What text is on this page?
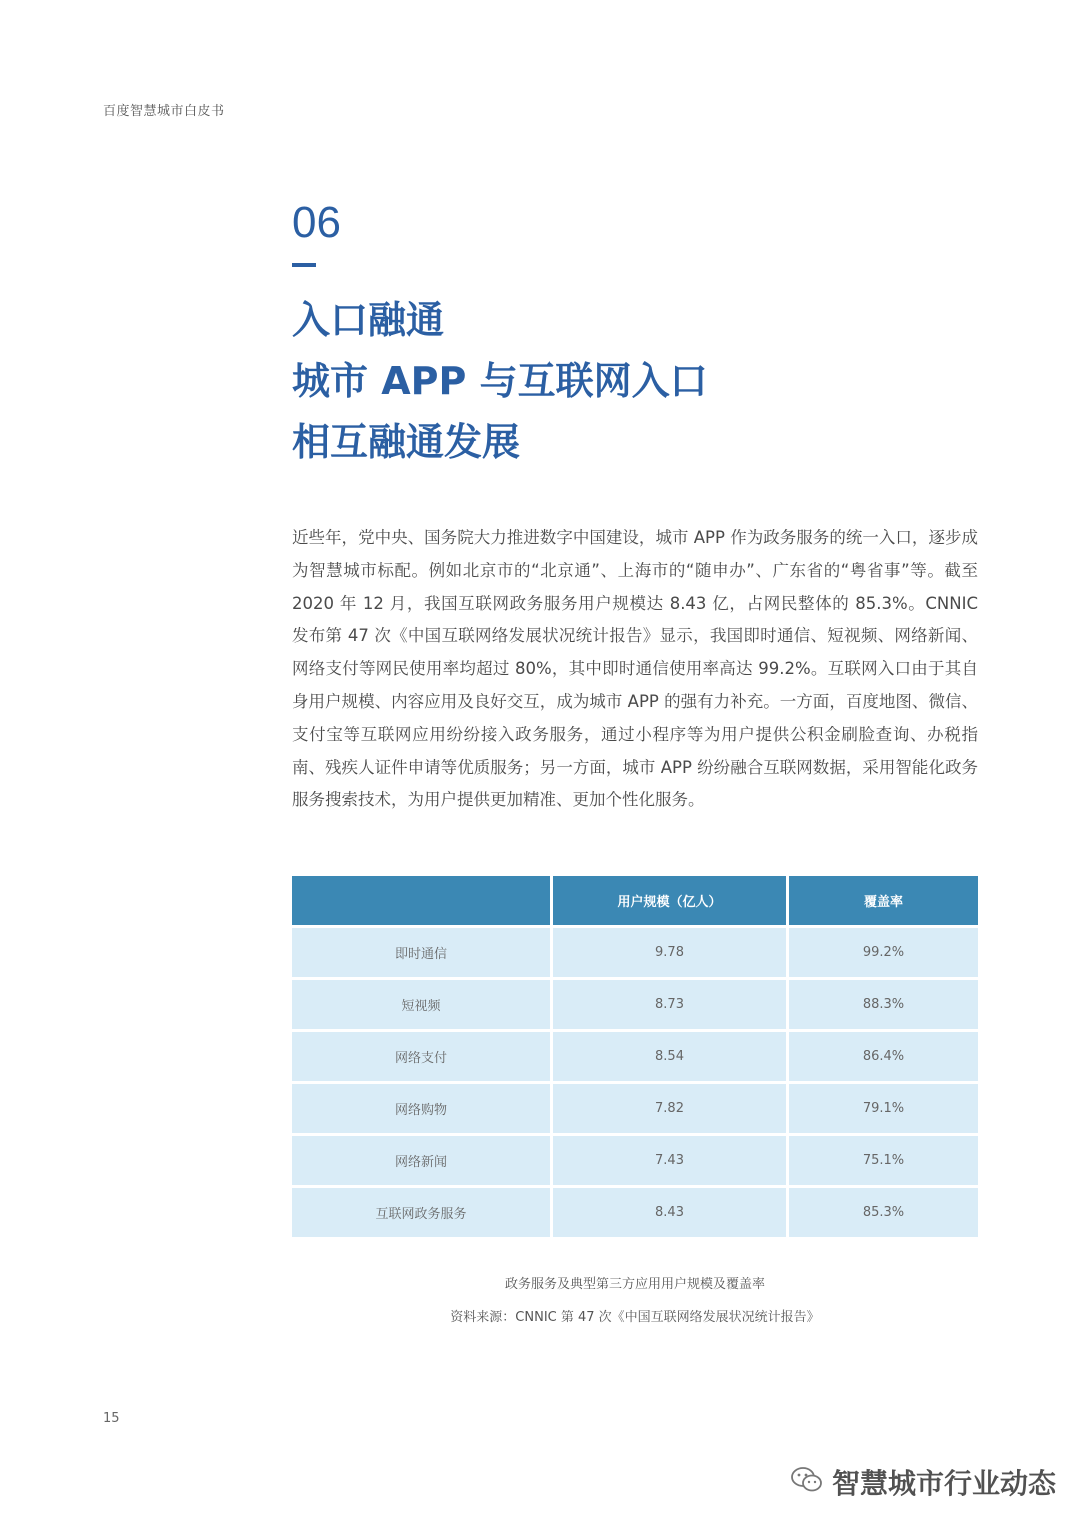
百度智慧城市白皮书
06
入口融通
城市 APP 与互联网入口
相互融通发展
近些年，党中央、国务院大力推进数字中国建设，城市 APP 作为政务服务的统一入口，逐步成为智慧城市标配。例如北京市的“北京通”、上海市的“随申办”、广东省的“粤省事”等。截至 2020 年 12 月，我国互联网政务服务用户规模达 8.43 亿，占网民整体的 85.3%。CNNIC 发布第 47 次《中国互联网络发展状况统计报告》显示，我国即时通信、短视频、网络新闻、网络支付等网民使用率均超过 80%，其中即时通信使用率高达 99.2%。互联网入口由于其自身用户规模、内容应用及良好交互，成为城市 APP 的强有力补充。一方面，百度地图、微信、支付宝等互联网应用纷纷接入政务服务，通过小程序等为用户提供公积金刷脸查询、办税指南、残疾人证件申请等优质服务；另一方面，城市 APP 纷纷融合互联网数据，采用智能化政务服务搜索技术，为用户提供更加精准、更加个性化服务。
	用户规模（亿人）	覆盖率
即时通信	9.78	99.2%
短视频	8.73	88.3%
网络支付	8.54	86.4%
网络购物	7.82	79.1%
网络新闻	7.43	75.1%
互联网政务服务	8.43	85.3%
政务服务及典型第三方应用用户规模及覆盖率
资料来源：CNNIC 第 47 次《中国互联网络发展状况统计报告》
15
智慧城市行业动态
